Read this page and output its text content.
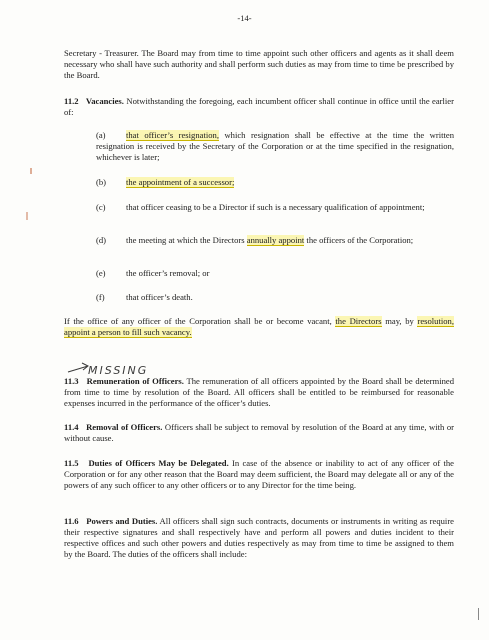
-14-
Secretary - Treasurer. The Board may from time to time appoint such other officers and agents as it shall deem necessary who shall have such authority and shall perform such duties as may from time to time be prescribed by the Board.
11.2 Vacancies. Notwithstanding the foregoing, each incumbent officer shall continue in office until the earlier of:
(a) that officer’s resignation, which resignation shall be effective at the time the written resignation is received by the Secretary of the Corporation or at the time specified in the resignation, whichever is later;
(b) the appointment of a successor;
(c) that officer ceasing to be a Director if such is a necessary qualification of appointment;
(d) the meeting at which the Directors annually appoint the officers of the Corporation;
(e) the officer’s removal; or
(f) that officer’s death.
If the office of any officer of the Corporation shall be or become vacant, the Directors may, by resolution, appoint a person to fill such vacancy.
MISSING
11.3 Remuneration of Officers. The remuneration of all officers appointed by the Board shall be determined from time to time by resolution of the Board. All officers shall be entitled to be reimbursed for reasonable expenses incurred in the performance of the officer’s duties.
11.4 Removal of Officers. Officers shall be subject to removal by resolution of the Board at any time, with or without cause.
11.5 Duties of Officers May be Delegated. In case of the absence or inability to act of any officer of the Corporation or for any other reason that the Board may deem sufficient, the Board may delegate all or any of the powers of any such officer to any other officers or to any Director for the time being.
11.6 Powers and Duties. All officers shall sign such contracts, documents or instruments in writing as require their respective signatures and shall respectively have and perform all powers and duties incident to their respective offices and such other powers and duties respectively as may from time to time be assigned to them by the Board. The duties of the officers shall include:
